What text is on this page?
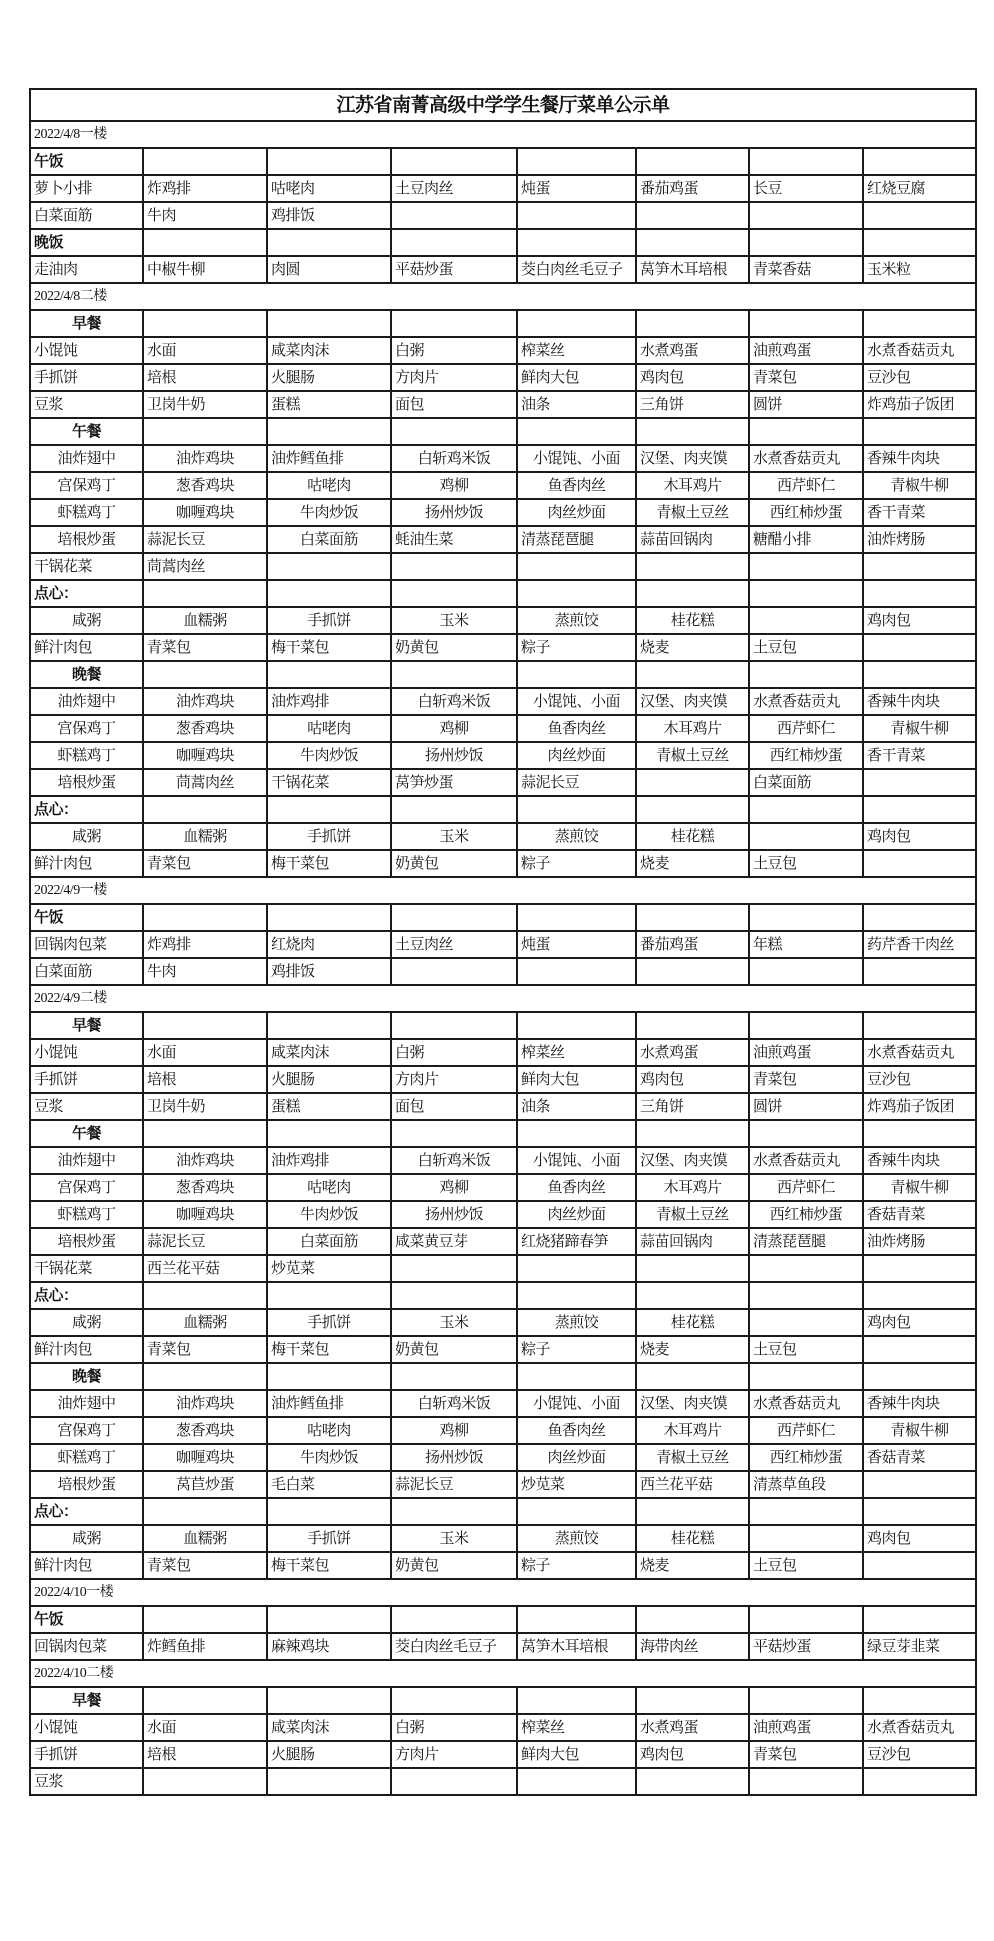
江苏省南菁高级中学学生餐厅菜单公示单							
2022/4/8一楼							
午饭							
萝卜小排	炸鸡排	咕咾肉	土豆肉丝	炖蛋	番茄鸡蛋	长豆	红烧豆腐
白菜面筋	牛肉	鸡排饭					
晚饭							
走油肉	中椒牛柳	肉圆	平菇炒蛋	茭白肉丝毛豆子	莴笋木耳培根	青菜香菇	玉米粒
2022/4/8二楼							
早餐							
小馄饨	水面	咸菜肉沫	白粥	榨菜丝	水煮鸡蛋	油煎鸡蛋	水煮香菇贡丸
手抓饼	培根	火腿肠	方肉片	鲜肉大包	鸡肉包	青菜包	豆沙包
豆浆	卫岗牛奶	蛋糕	面包	油条	三角饼	圆饼	炸鸡茄子饭团
午餐							
油炸翅中	油炸鸡块	油炸鳕鱼排	白斩鸡米饭	小馄饨、小面	汉堡、肉夹馍	水煮香菇贡丸	香辣牛肉块
宫保鸡丁	葱香鸡块	咕咾肉	鸡柳	鱼香肉丝	木耳鸡片	西芹虾仁	青椒牛柳
虾糕鸡丁	咖喱鸡块	牛肉炒饭	扬州炒饭	肉丝炒面	青椒土豆丝	西红柿炒蛋	香干青菜
培根炒蛋	蒜泥长豆	白菜面筋	蚝油生菜	清蒸琵琶腿	蒜苗回锅肉	糖醋小排	油炸烤肠
干锅花菜	茼蒿肉丝						
点心：							
咸粥	血糯粥	手抓饼	玉米	蒸煎饺	桂花糕		鸡肉包
鲜汁肉包	青菜包	梅干菜包	奶黄包	粽子	烧麦	土豆包	
晚餐							
油炸翅中	油炸鸡块	油炸鸡排	白斩鸡米饭	小馄饨、小面	汉堡、肉夹馍	水煮香菇贡丸	香辣牛肉块
宫保鸡丁	葱香鸡块	咕咾肉	鸡柳	鱼香肉丝	木耳鸡片	西芹虾仁	青椒牛柳
虾糕鸡丁	咖喱鸡块	牛肉炒饭	扬州炒饭	肉丝炒面	青椒土豆丝	西红柿炒蛋	香干青菜
培根炒蛋	茼蒿肉丝	干锅花菜	莴笋炒蛋	蒜泥长豆		白菜面筋	
点心：							
咸粥	血糯粥	手抓饼	玉米	蒸煎饺	桂花糕		鸡肉包
鲜汁肉包	青菜包	梅干菜包	奶黄包	粽子	烧麦	土豆包	
2022/4/9一楼							
午饭							
回锅肉包菜	炸鸡排	红烧肉	土豆肉丝	炖蛋	番茄鸡蛋	年糕	药芹香干肉丝
白菜面筋	牛肉	鸡排饭					
2022/4/9二楼							
早餐							
小馄饨	水面	咸菜肉沫	白粥	榨菜丝	水煮鸡蛋	油煎鸡蛋	水煮香菇贡丸
手抓饼	培根	火腿肠	方肉片	鲜肉大包	鸡肉包	青菜包	豆沙包
豆浆	卫岗牛奶	蛋糕	面包	油条	三角饼	圆饼	炸鸡茄子饭团
午餐							
油炸翅中	油炸鸡块	油炸鸡排	白斩鸡米饭	小馄饨、小面	汉堡、肉夹馍	水煮香菇贡丸	香辣牛肉块
宫保鸡丁	葱香鸡块	咕咾肉	鸡柳	鱼香肉丝	木耳鸡片	西芹虾仁	青椒牛柳
虾糕鸡丁	咖喱鸡块	牛肉炒饭	扬州炒饭	肉丝炒面	青椒土豆丝	西红柿炒蛋	香菇青菜
培根炒蛋	蒜泥长豆	白菜面筋	咸菜黄豆芽	红烧猪蹄春笋	蒜苗回锅肉	清蒸琵琶腿	油炸烤肠
干锅花菜	西兰花平菇	炒苋菜					
点心：							
咸粥	血糯粥	手抓饼	玉米	蒸煎饺	桂花糕		鸡肉包
鲜汁肉包	青菜包	梅干菜包	奶黄包	粽子	烧麦	土豆包	
晚餐							
油炸翅中	油炸鸡块	油炸鳕鱼排	白斩鸡米饭	小馄饨、小面	汉堡、肉夹馍	水煮香菇贡丸	香辣牛肉块
宫保鸡丁	葱香鸡块	咕咾肉	鸡柳	鱼香肉丝	木耳鸡片	西芹虾仁	青椒牛柳
虾糕鸡丁	咖喱鸡块	牛肉炒饭	扬州炒饭	肉丝炒面	青椒土豆丝	西红柿炒蛋	香菇青菜
培根炒蛋	莴苣炒蛋	毛白菜	蒜泥长豆	炒苋菜	西兰花平菇	清蒸草鱼段	
点心：							
咸粥	血糯粥	手抓饼	玉米	蒸煎饺	桂花糕		鸡肉包
鲜汁肉包	青菜包	梅干菜包	奶黄包	粽子	烧麦	土豆包	
2022/4/10一楼							
午饭							
回锅肉包菜	炸鳕鱼排	麻辣鸡块	茭白肉丝毛豆子	莴笋木耳培根	海带肉丝	平菇炒蛋	绿豆芽韭菜
2022/4/10二楼							
早餐							
小馄饨	水面	咸菜肉沫	白粥	榨菜丝	水煮鸡蛋	油煎鸡蛋	水煮香菇贡丸
手抓饼	培根	火腿肠	方肉片	鲜肉大包	鸡肉包	青菜包	豆沙包
豆浆							
